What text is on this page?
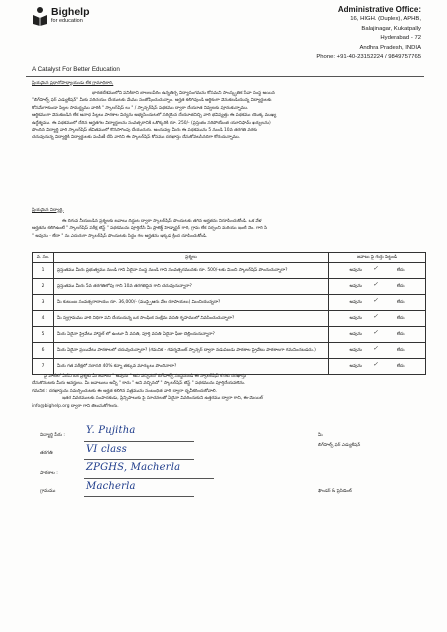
Bighelp
for education
A Catalyst For Better Education
Administrative Office:
16, HIGH. (Duplex), APHB,
Balajinagar, Kukatpally
Hyderabad - 72
Andhra Pradesh, INDIA
Phone: +91-40-23152224 / 9849757765
ప్రియమైన ప్రధానోపాధ్యాయుడు లేక గ్రామాధికారి,
భారతదేశములోని పనికిరాని బాలలుపేరిం ఉన్నతిర్చ విద్యాసంగమను కోసమని సాంస్కృతిక సేవా సంస్థ అయిన
"బిగ్‌హెల్ప్ ఫర్ ఎడ్యుకేషన్" మీకు పరిచయం చేయుటకు మేము సంతోషించుచున్నాం. అర్హత కలిగివుండి ఆర్థికంగా వెనుకబడియున్న విద్యార్థులకు
కోసమేగాకుండా పిల్లల సామర్థ్యము వారికి " స్కాలర్‌షిప్ లు " / స్పాన్సర్‌షిప్ పథకము ద్వారా చేయూత నివ్వటకు పూనుకున్నాము.
ఆర్థికముగా వెనుకబడిన లేక అనాధ పిల్లలు పాఠశాల విద్యను అభ్యసించుటలో సరియైన చేయూతనిచ్చి వారి భవిష్యత్తు ఈ పథకము యొక్క ముఖ్య
ఉద్దేశ్యము. ఈ పథకములో చేరిన అర్హతగల విద్యార్థులను సంవత్సరానికి ఒకొక్కరికి రూ. 250/- (ప్రస్తుతం సరిపోయేంత యూనిఫామ్ ఖర్చులను)
పొందిన విద్యార్థి వారి స్కాలర్‌షిప్ జీవితములో కొనసాగింపు చేయుదురు. అందువల్ల మీరు ఈ పథకమును 5 నుండి 10వ తరగతి వరకు
చదువుచున్న విద్యార్థికి విద్యార్థులకు పంపిణీ చేసి వారిని ఈ స్కాలర్‌షిప్ కోసము దరఖాస్తు చేసుకోవలసినదిగా కోరుచున్నాము.
ప్రియమైన విద్యార్థి,
ఈ దిగువ నీయబడిన ప్రశ్నలకు జవాబు దిద్దుట ద్వారా స్కాలర్‌షిప్ పొందుటకు తగిన అర్హతను నిరూపించుకోండి. ఒక వేళ
అర్హతను కలిగిఉంటే " స్కాలర్‌షిప్ పరీక్ష టెస్ట్ " పథకమును పూర్తిచేసి మీ ప్రాజెక్ట్ హెడ్మాస్టర్ గారి, గ్రామ లేక సర్పంచి మరియు ఇంటి నెం. గారి సి
" అవును - లేదా " ను ఎదురుగా స్కాలర్‌షిప్ పొందుటకు సిద్ధం గల అర్హతను ఇక్కడ క్రింద చూపించుకోండి.
వ. సం.	ప్రశ్నలు	జవాబు పై గుర్తు పెట్టండి
1	ప్రస్తుతము మీరు ప్రభుత్వము నుండి గాని ఏదైనా సంస్థ నుండి గాని సంవత్సరమునకు రూ. 500/-లకు మించి స్కాలర్‌షిప్ పొందుచున్నారా?	అవును లేదు
✓

2	ప్రస్తుతము మీరు 5వ తరగతిలోపు గాని 10వ తరగతిపైన గాని చదువుచున్నారా?	అవును లేదు
✓

3	మీ కుటుంబ సంవత్సరాదాయం రూ. 36,000/- (ముప్పైఆరు వేల రూపాయలు) మించియున్నదా?	అవును లేదు
✓

4	మీ స్వగ్రామము వారి నిధిగా పని చేయుచున్న ఒక సాంఘిక సంక్షేమ వసతి గృహములో నివసించుచున్నారా?	అవును లేదు
✓

5	మీరు ఏదైనా ప్రైవేటు హాస్టల్ లో ఉంటూ నీ వసతి, పూర్తి వసతి ఏదైనా ఫీజు చెల్లించుచున్నారా?	అవును లేదు
✓

6	మీరు ఏదైనా ప్రయివేటు పాఠశాలలో చదువుచున్నారా? (గమనిక - గవర్నమెంట్ స్పాన్సర్ ద్వారా నడుపబడు పాఠశాల ప్రైవేటు పాఠశాలగా గమనించబడదు.)	అవును లేదు
✓

7	మీరు గత పరీక్షలో సరాసరి 40% కన్నా తక్కువ మార్కులు పొందినారా?	అవును లేదు
✓
పై వాటిలో ఏదేని ఒక ప్రశ్నకు మీ జవాబు " అవును " అని వచ్చినచో బిగ్‌హెల్ప్ సంస్థనుండి ఈ స్కాలర్‌షిప్ కొరకు దరఖాస్తు
చేసుకొనుటకు మీరు అనర్హులు. మీ జవాబులు అన్నీ " కాదు " అని వచ్చినచో " స్కాలర్‌షిప్ టెస్ట్ " పథకమును పూర్తిచేయవలెను.
గమనిక : దరఖాస్తును సమర్పించుటకు ఈ అర్హత కలిగిన పత్రమును సంబంధిత వారి ద్వారా ధృవీకరించుకోవాలి.
ఇతర వివరములకు సంపాదకుడు, ప్రిన్సిపాలుకు పై సూచనలతో ఏదైనా వివరించుకుని ఉత్తరము ద్వారా గాని, ఈ-మెయిల్
info@bighelp.org ద్వారా గాని తెలుసుకోగలరు.
విద్యార్థి పేరు : Y. Pujitha
తరగతి	VI class
పాఠశాల :
ZPGHS, Macherla
గ్రామము	Macherla
మీ
బిగ్‌హెల్ప్ ఫర్ ఎడ్యుకేషన్
ఫౌండర్ & ప్రెసిడెంట్
